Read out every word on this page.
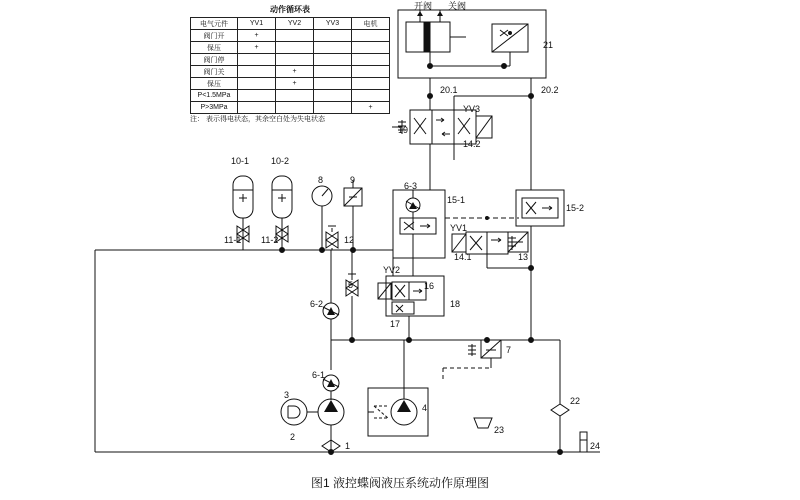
动作循环表
电气元件	YV1	YV2	YV3	电机
阀门开	+			
保压	+			
阀门停				
阀门关		+		
保压		+		
P<1.5MPa				
P>3MPa				+
注： 表示得电状态，其余空白处为失电状态
开阀 关阀
21
20.1	20.2
YV3
19
14.2
10-1 10-2
8	9
6-3
15-1
15-2
11-1 11-2	12
YV1
14.1	13
YV2
5	16
18
6-2
17
7
6-1
22
3
4
23
24
2
1
图1 液控蝶阀液压系统动作原理图
